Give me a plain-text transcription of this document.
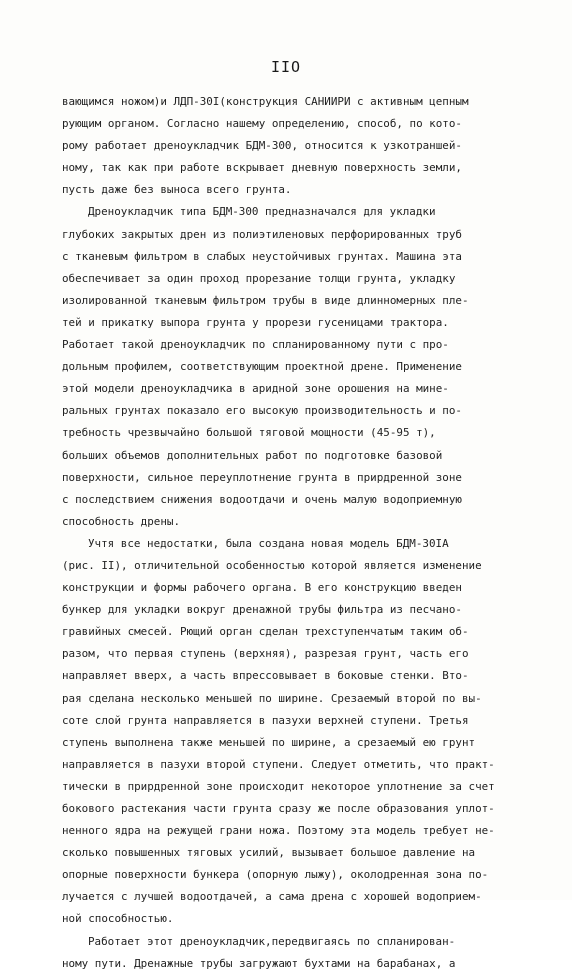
IIO
вающимся ножом)и ЛДП-30I(конструкция САНИИРИ с активным цепным
рующим органом. Согласно нашему определению, способ, по кото-
рому работает дреноукладчик БДМ-300, относится к узкотраншей-
ному, так как при работе вскрывает дневную поверхность земли,
пусть даже без выноса всего грунта.
Дреноукладчик типа БДМ-300 предназначался для укладки
глубоких закрытых дрен из полиэтиленовых перфорированных труб
с тканевым фильтром в слабых неустойчивых грунтах. Машина эта
обеспечивает за один проход прорезание толщи грунта, укладку
изолированной тканевым фильтром трубы в виде длинномерных пле-
тей и прикатку выпора грунта у прорези гусеницами трактора.
Работает такой дреноукладчик по спланированному пути с про-
дольным профилем, соответствующим проектной дрене. Применение
этой модели дреноукладчика в аридной зоне орошения на мине-
ральных грунтах показало его высокую производительность и по-
требность чрезвычайно большой тяговой мощности (45-95 т),
больших объемов дополнительных работ по подготовке базовой
поверхности, сильное переуплотнение грунта в прирдренной зоне
с последствием снижения водоотдачи и очень малую водоприемную
способность дрены.
Учтя все недостатки, была создана новая модель БДМ-30IA
(рис. II), отличительной особенностью которой является изменение
конструкции и формы рабочего органа. В его конструкцию введен
бункер для укладки вокруг дренажной трубы фильтра из песчано-
гравийных смесей. Рющий орган сделан трехступенчатым таким об-
разом, что первая ступень (верхняя), разрезая грунт, часть его
направляет вверх, а часть впрессовывает в боковые стенки. Вто-
рая сделана несколько меньшей по ширине. Срезаемый второй по вы-
соте слой грунта направляется в пазухи верхней ступени. Третья
ступень выполнена также меньшей по ширине, а срезаемый ею грунт
направляется в пазухи второй ступени. Следует отметить, что практ-
тически в прирдренной зоне происходит некоторое уплотнение за счет
бокового растекания части грунта сразу же после образования уплот-
ненного ядра на режущей грани ножа. Поэтому эта модель требует не-
сколько повышенных тяговых усилий, вызывает большое давление на
опорные поверхности бункера (опорную лыжу), околодренная зона по-
лучается с лучшей водоотдачей, а сама дрена с хорошей водоприем-
ной способностью.
Работает этот дреноукладчик,передвигаясь по спланирован-
ному пути. Дренажные трубы загружают бухтами на барабанах, а
